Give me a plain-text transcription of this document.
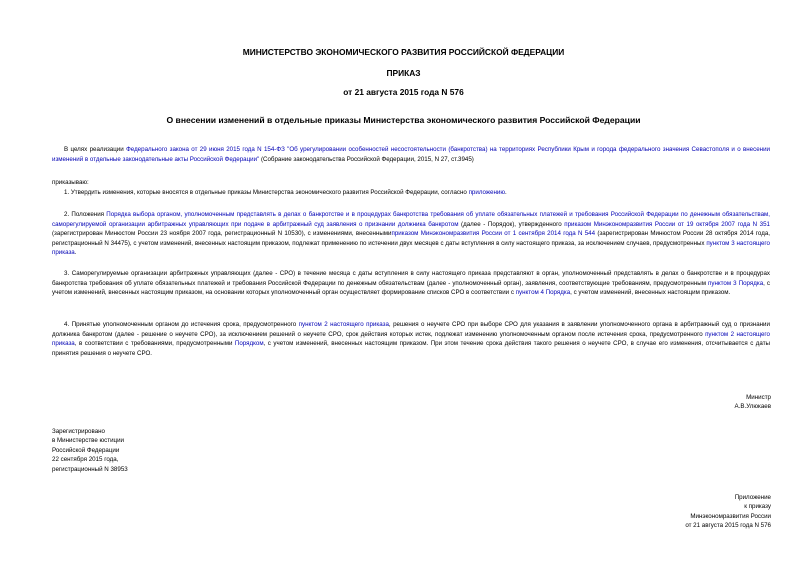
МИНИСТЕРСТВО ЭКОНОМИЧЕСКОГО РАЗВИТИЯ РОССИЙСКОЙ ФЕДЕРАЦИИ
ПРИКАЗ
от 21 августа 2015 года N 576
О внесении изменений в отдельные приказы Министерства экономического развития Российской Федерации
В целях реализации Федерального закона от 29 июня 2015 года N 154-ФЗ "Об урегулировании особенностей несостоятельности (банкротства) на территориях Республики Крым и города федерального значения Севастополя и о внесении изменений в отдельные законодательные акты Российской Федерации" (Собрание законодательства Российской Федерации, 2015, N 27, ст.3945)
приказываю:
1. Утвердить изменения, которые вносятся в отдельные приказы Министерства экономического развития Российской Федерации, согласно приложению.
2. Положения Порядка выбора органом, уполномоченным представлять в делах о банкротстве и в процедурах банкротства требования об уплате обязательных платежей и требования Российской Федерации по денежным обязательствам, саморегулируемой организации арбитражных управляющих при подаче в арбитражный суд заявления о признании должника банкротом (далее - Порядок), утвержденного приказом Минэкономразвития России от 19 октября 2007 года N 351 (зарегистрирован Минюстом России 23 ноября 2007 года, регистрационный N 10530), с изменениями, внесеннымиприказом Минэкономразвития России от 1 сентября 2014 года N 544 (зарегистрирован Минюстом России 28 октября 2014 года, регистрационный N 34475), с учетом изменений, внесенных настоящим приказом, подлежат применению по истечении двух месяцев с даты вступления в силу настоящего приказа, за исключением случаев, предусмотренных пунктом 3 настоящего приказа.
3. Саморегулируемые организации арбитражных управляющих (далее - СРО) в течение месяца с даты вступления в силу настоящего приказа представляют в орган, уполномоченный представлять в делах о банкротстве и в процедурах банкротства требования об уплате обязательных платежей и требования Российской Федерации по денежным обязательствам (далее - уполномоченный орган), заявления, соответствующие требованиям, предусмотренным пунктом 3 Порядка, с учетом изменений, внесенных настоящим приказом, на основании которых уполномоченный орган осуществляет формирование списков СРО в соответствии с пунктом 4 Порядка, с учетом изменений, внесенных настоящим приказом.
4. Принятые уполномоченным органом до истечения срока, предусмотренного пунктом 2 настоящего приказа, решения о неучете СРО при выборе СРО для указания в заявлении уполномоченного органа в арбитражный суд о признании должника банкротом (далее - решение о неучете СРО), за исключением решений о неучете СРО, срок действия которых истек, подлежат изменению уполномоченным органом после истечения срока, предусмотренного пунктом 2 настоящего приказа, в соответствии с требованиями, предусмотренными Порядком, с учетом изменений, внесенных настоящим приказом. При этом течение срока действия такого решения о неучете СРО, в случае его изменения, отсчитывается с даты принятия решения о неучете СРО.
Министр
А.В.Улюкаев
Зарегистрировано
в Министерстве юстиции
Российской Федерации
22 сентября 2015 года,
регистрационный N 38953
Приложение
к приказу
Минэкономразвития России
от 21 августа 2015 года N 576
